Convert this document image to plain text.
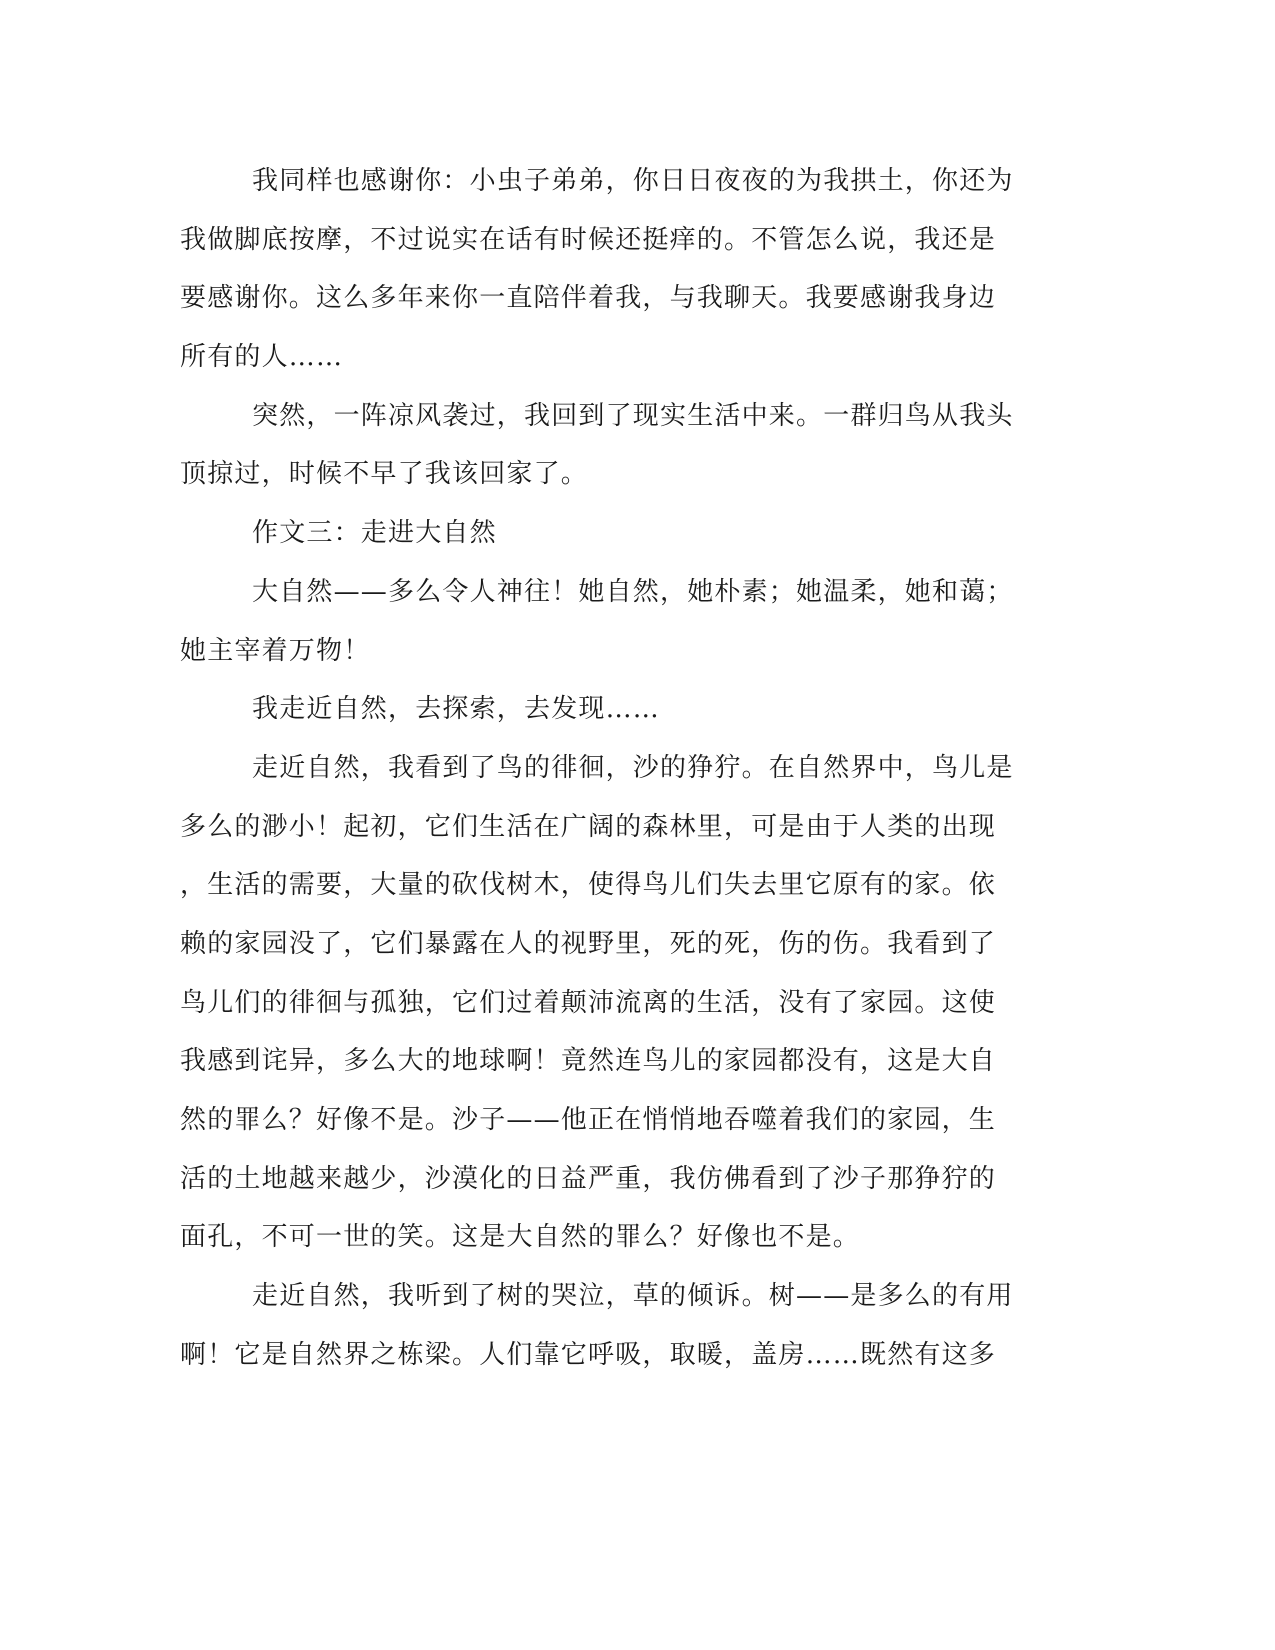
我同样也感谢你：小虫子弟弟，你日日夜夜的为我拱土，你还为
我做脚底按摩，不过说实在话有时候还挺痒的。不管怎么说，我还是
要感谢你。这么多年来你一直陪伴着我，与我聊天。我要感谢我身边
所有的人……
突然，一阵凉风袭过，我回到了现实生活中来。一群归鸟从我头
顶掠过，时候不早了我该回家了。
作文三：走进大自然
大自然——多么令人神往！她自然，她朴素；她温柔，她和蔼；
她主宰着万物！
我走近自然，去探索，去发现……
走近自然，我看到了鸟的徘徊，沙的狰狞。在自然界中，鸟儿是
多么的渺小！起初，它们生活在广阔的森林里，可是由于人类的出现
，生活的需要，大量的砍伐树木，使得鸟儿们失去里它原有的家。依
赖的家园没了，它们暴露在人的视野里，死的死，伤的伤。我看到了
鸟儿们的徘徊与孤独，它们过着颠沛流离的生活，没有了家园。这使
我感到诧异，多么大的地球啊！竟然连鸟儿的家园都没有，这是大自
然的罪么？好像不是。沙子——他正在悄悄地吞噬着我们的家园，生
活的土地越来越少，沙漠化的日益严重，我仿佛看到了沙子那狰狞的
面孔，不可一世的笑。这是大自然的罪么？好像也不是。
走近自然，我听到了树的哭泣，草的倾诉。树——是多么的有用
啊！它是自然界之栋梁。人们靠它呼吸，取暖，盖房……既然有这多
